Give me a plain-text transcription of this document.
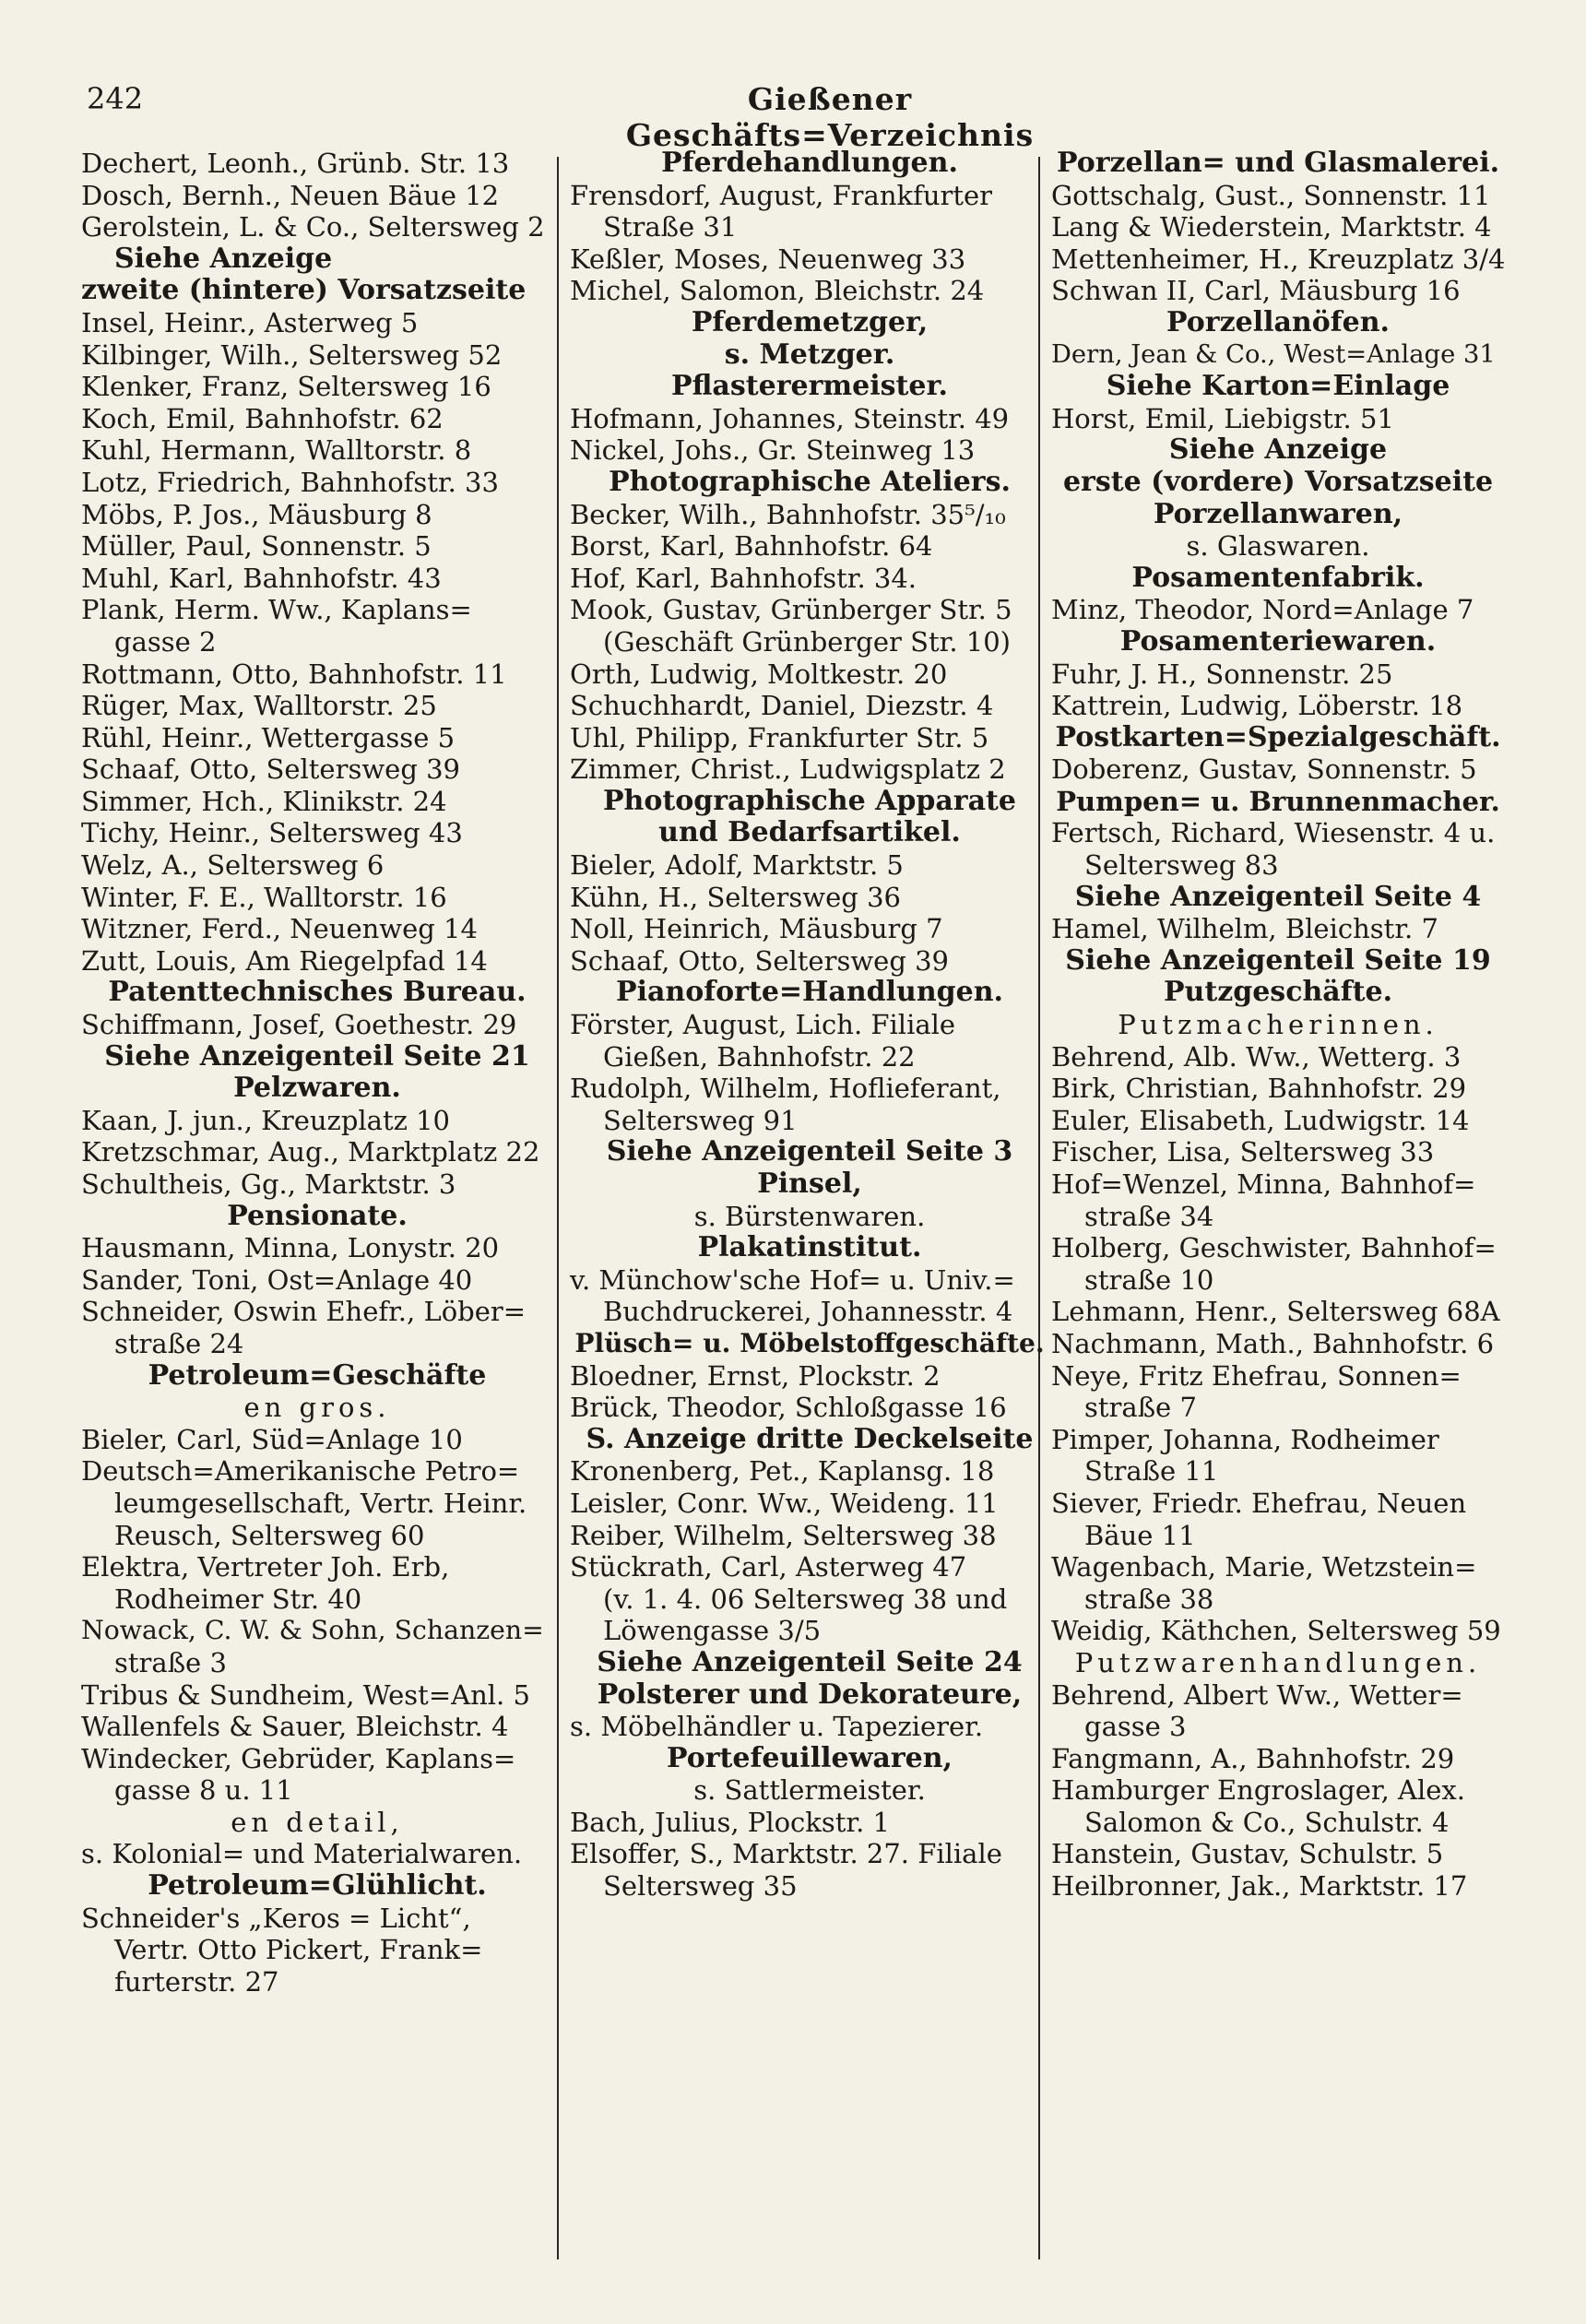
242	Gießener Geschäfts=Verzeichnis
Dechert, Leonh., Grünb. Str. 13
Dosch, Bernh., Neuen Bäue 12
Gerolstein, L. & Co., Seltersweg 2
Siehe Anzeige
zweite (hintere) Vorsatzseite
Insel, Heinr., Asterweg 5
Kilbinger, Wilh., Seltersweg 52
Klenker, Franz, Seltersweg 16
Koch, Emil, Bahnhofstr. 62
Kuhl, Hermann, Walltorstr. 8
Lotz, Friedrich, Bahnhofstr. 33
Möbs, P. Jos., Mäusburg 8
Müller, Paul, Sonnenstr. 5
Muhl, Karl, Bahnhofstr. 43
Plank, Herm. Ww., Kaplans=
gasse 2
Rottmann, Otto, Bahnhofstr. 11
Rüger, Max, Walltorstr. 25
Rühl, Heinr., Wettergasse 5
Schaaf, Otto, Seltersweg 39
Simmer, Hch., Klinikstr. 24
Tichy, Heinr., Seltersweg 43
Welz, A., Seltersweg 6
Winter, F. E., Walltorstr. 16
Witzner, Ferd., Neuenweg 14
Zutt, Louis, Am Riegelpfad 14
Patenttechnisches Bureau.
Schiffmann, Josef, Goethestr. 29
Siehe Anzeigenteil Seite 21
Pelzwaren.
Kaan, J. jun., Kreuzplatz 10
Kretzschmar, Aug., Marktplatz 22
Schultheis, Gg., Marktstr. 3
Pensionate.
Hausmann, Minna, Lonystr. 20
Sander, Toni, Ost=Anlage 40
Schneider, Oswin Ehefr., Löber=
straße 24
Petroleum=Geschäfte
en gros.
Bieler, Carl, Süd=Anlage 10
Deutsch=Amerikanische Petro=
leumgesellschaft, Vertr. Heinr.
Reusch, Seltersweg 60
Elektra, Vertreter Joh. Erb,
Rodheimer Str. 40
Nowack, C. W. & Sohn, Schanzen=
straße 3
Tribus & Sundheim, West=Anl. 5
Wallenfels & Sauer, Bleichstr. 4
Windecker, Gebrüder, Kaplans=
gasse 8 u. 11
en detail,
s. Kolonial= und Materialwaren.
Petroleum=Glühlicht.
Schneider's „Keros = Licht“,
Vertr. Otto Pickert, Frank=
furterstr. 27
Pferdehandlungen.
Frensdorf, August, Frankfurter
Straße 31
Keßler, Moses, Neuenweg 33
Michel, Salomon, Bleichstr. 24
Pferdemetzger,
s. Metzger.
Pflasterermeister.
Hofmann, Johannes, Steinstr. 49
Nickel, Johs., Gr. Steinweg 13
Photographische Ateliers.
Becker, Wilh., Bahnhofstr. 35⁵/₁₀
Borst, Karl, Bahnhofstr. 64
Hof, Karl, Bahnhofstr. 34.
Mook, Gustav, Grünberger Str. 5
(Geschäft Grünberger Str. 10)
Orth, Ludwig, Moltkestr. 20
Schuchhardt, Daniel, Diezstr. 4
Uhl, Philipp, Frankfurter Str. 5
Zimmer, Christ., Ludwigsplatz 2
Photographische Apparate
und Bedarfsartikel.
Bieler, Adolf, Marktstr. 5
Kühn, H., Seltersweg 36
Noll, Heinrich, Mäusburg 7
Schaaf, Otto, Seltersweg 39
Pianoforte=Handlungen.
Förster, August, Lich. Filiale
Gießen, Bahnhofstr. 22
Rudolph, Wilhelm, Hoflieferant,
Seltersweg 91
Siehe Anzeigenteil Seite 3
Pinsel,
s. Bürstenwaren.
Plakatinstitut.
v. Münchow'sche Hof= u. Univ.=
Buchdruckerei, Johannesstr. 4
Plüsch= u. Möbelstoffgeschäfte.
Bloedner, Ernst, Plockstr. 2
Brück, Theodor, Schloßgasse 16
S. Anzeige dritte Deckelseite
Kronenberg, Pet., Kaplansg. 18
Leisler, Conr. Ww., Weideng. 11
Reiber, Wilhelm, Seltersweg 38
Stückrath, Carl, Asterweg 47
(v. 1. 4. 06 Seltersweg 38 und
Löwengasse 3/5
Siehe Anzeigenteil Seite 24
Polsterer und Dekorateure,
s. Möbelhändler u. Tapezierer.
Portefeuillewaren,
s. Sattlermeister.
Bach, Julius, Plockstr. 1
Elsoffer, S., Marktstr. 27. Filiale
Seltersweg 35
Porzellan= und Glasmalerei.
Gottschalg, Gust., Sonnenstr. 11
Lang & Wiederstein, Marktstr. 4
Mettenheimer, H., Kreuzplatz 3/4
Schwan II, Carl, Mäusburg 16
Porzellanöfen.
Dern, Jean & Co., West=Anlage 31
Siehe Karton=Einlage
Horst, Emil, Liebigstr. 51
Siehe Anzeige
erste (vordere) Vorsatzseite
Porzellanwaren,
s. Glaswaren.
Posamentenfabrik.
Minz, Theodor, Nord=Anlage 7
Posamenteriewaren.
Fuhr, J. H., Sonnenstr. 25
Kattrein, Ludwig, Löberstr. 18
Postkarten=Spezialgeschäft.
Doberenz, Gustav, Sonnenstr. 5
Pumpen= u. Brunnenmacher.
Fertsch, Richard, Wiesenstr. 4 u.
Seltersweg 83
Siehe Anzeigenteil Seite 4
Hamel, Wilhelm, Bleichstr. 7
Siehe Anzeigenteil Seite 19
Putzgeschäfte.
Putzmacherinnen.
Behrend, Alb. Ww., Wetterg. 3
Birk, Christian, Bahnhofstr. 29
Euler, Elisabeth, Ludwigstr. 14
Fischer, Lisa, Seltersweg 33
Hof=Wenzel, Minna, Bahnhof=
straße 34
Holberg, Geschwister, Bahnhof=
straße 10
Lehmann, Henr., Seltersweg 68A
Nachmann, Math., Bahnhofstr. 6
Neye, Fritz Ehefrau, Sonnen=
straße 7
Pimper, Johanna, Rodheimer
Straße 11
Siever, Friedr. Ehefrau, Neuen
Bäue 11
Wagenbach, Marie, Wetzstein=
straße 38
Weidig, Käthchen, Seltersweg 59
Putzwarenhandlungen.
Behrend, Albert Ww., Wetter=
gasse 3
Fangmann, A., Bahnhofstr. 29
Hamburger Engroslager, Alex.
Salomon & Co., Schulstr. 4
Hanstein, Gustav, Schulstr. 5
Heilbronner, Jak., Marktstr. 17
